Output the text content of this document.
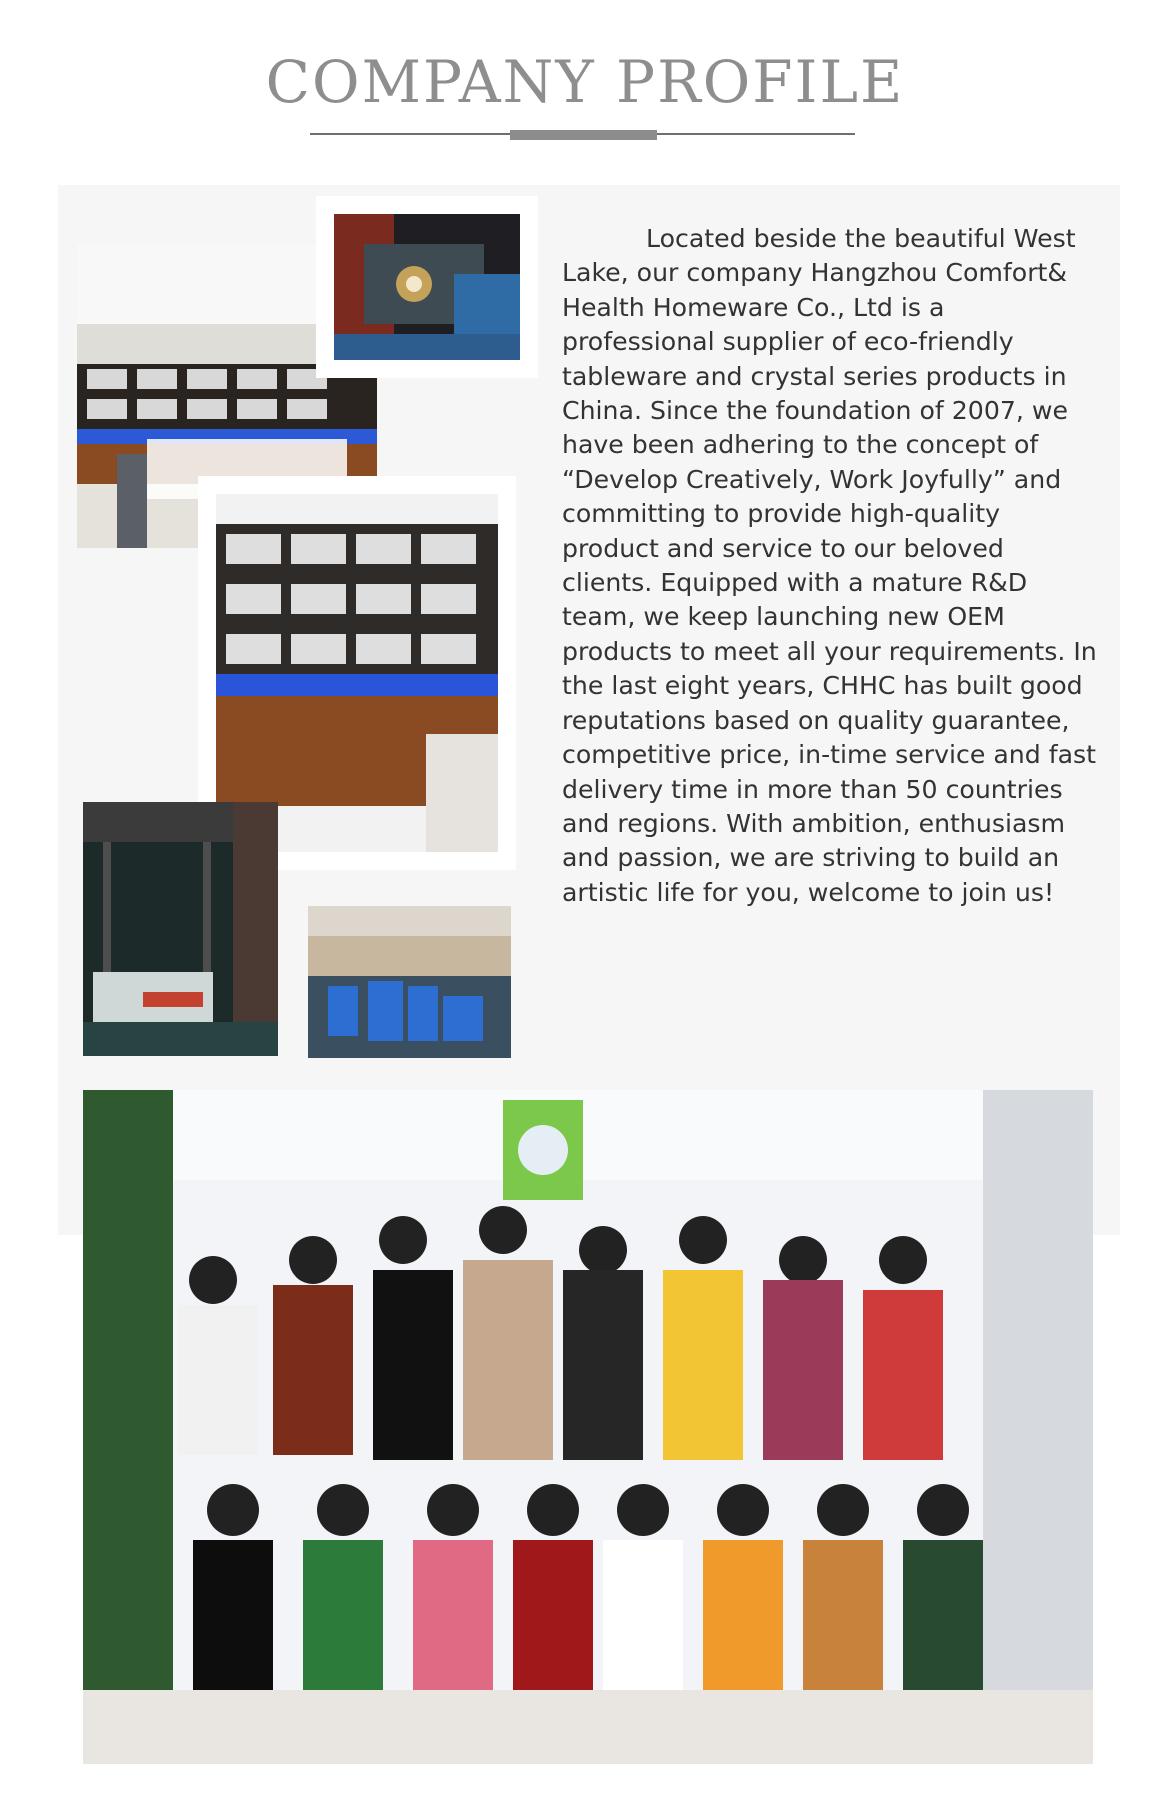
COMPANY PROFILE
Located beside the beautiful West Lake, our company Hangzhou Comfort& Health Homeware Co., Ltd is a professional supplier of eco-friendly tableware and crystal series products in China. Since the foundation of 2007, we have been adhering to the concept of “Develop Creatively, Work Joyfully” and committing to provide high-quality product and service to our beloved clients. Equipped with a mature R&D team, we keep launching new OEM products to meet all your requirements. In the last eight years, CHHC has built good reputations based on quality guarantee, competitive price, in-time service and fast delivery time in more than 50 countries and regions. With ambition, enthusiasm and passion, we are striving to build an artistic life for you, welcome to join us!
